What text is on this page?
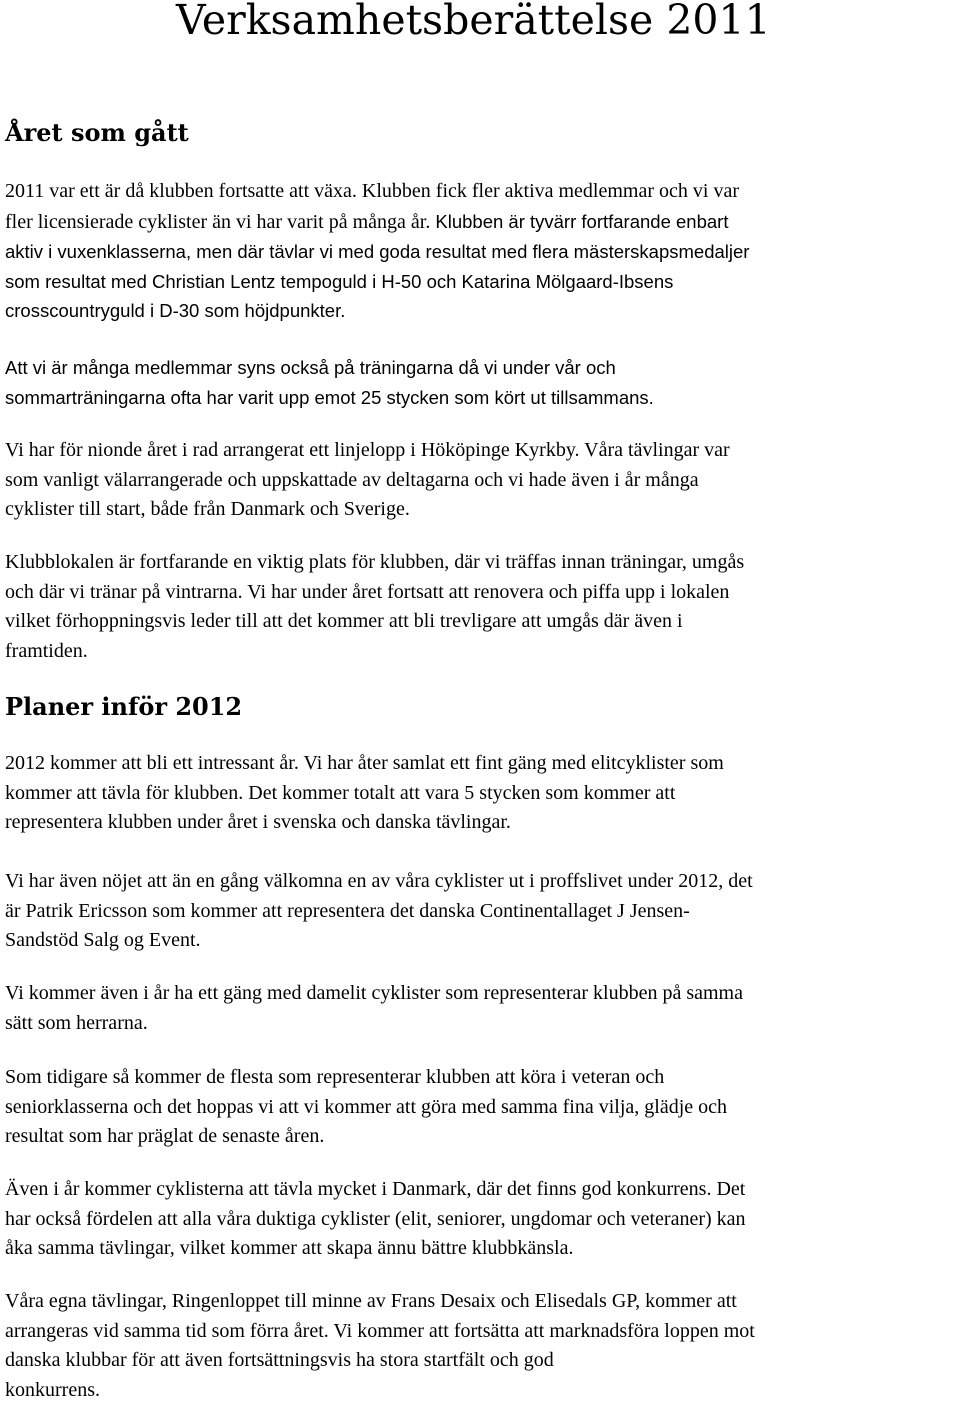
Verksamhetsberättelse 2011
Året som gått

2011 var ett är då klubben fortsatte att växa. Klubben fick fler aktiva medlemmar och vi var
fler licensierade cyklister än vi har varit på många år. Klubben är tyvärr fortfarande enbart
aktiv i vuxenklasserna, men där tävlar vi med goda resultat med flera mästerskapsmedaljer
som resultat med Christian Lentz tempoguld i H-50 och Katarina Mölgaard-Ibsens
crosscountryguld i D-30 som höjdpunkter.

Att vi är många medlemmar syns också på träningarna då vi under vår och
sommarträningarna ofta har varit upp emot 25 stycken som kört ut tillsammans.

Vi har för nionde året i rad arrangerat ett linjelopp i Hököpinge Kyrkby. Våra tävlingar var
som vanligt välarrangerade och uppskattade av deltagarna och vi hade även i år många
cyklister till start, både från Danmark och Sverige.

Klubblokalen är fortfarande en viktig plats för klubben, där vi träffas innan träningar, umgås
och där vi tränar på vintrarna. Vi har under året fortsatt att renovera och piffa upp i lokalen
vilket förhoppningsvis leder till att det kommer att bli trevligare att umgås där även i
framtiden.

Planer inför 2012

2012 kommer att bli ett intressant år. Vi har åter samlat ett fint gäng med elitcyklister som
kommer att tävla för klubben. Det kommer totalt att vara 5 stycken som kommer att
representera klubben under året i svenska och danska tävlingar.

Vi har även nöjet att än en gång välkomna en av våra cyklister ut i proffslivet under 2012, det
är Patrik Ericsson som kommer att representera det danska Continentallaget J Jensen-
Sandstöd Salg og Event.

Vi kommer även i år ha ett gäng med damelit cyklister som representerar klubben på samma
sätt som herrarna.

Som tidigare så kommer de flesta som representerar klubben att köra i veteran och
seniorklasserna och det hoppas vi att vi kommer att göra med samma fina vilja, glädje och
resultat som har präglat de senaste åren.

Även i år kommer cyklisterna att tävla mycket i Danmark, där det finns god konkurrens. Det
har också fördelen att alla våra duktiga cyklister (elit, seniorer, ungdomar och veteraner) kan
åka samma tävlingar, vilket kommer att skapa ännu bättre klubbkänsla.

Våra egna tävlingar, Ringenloppet till minne av Frans Desaix och Elisedals GP, kommer att
arrangeras vid samma tid som förra året. Vi kommer att fortsätta att marknadsföra loppen mot
danska klubbar för att även fortsättningsvis ha stora startfält och god
konkurrens.
